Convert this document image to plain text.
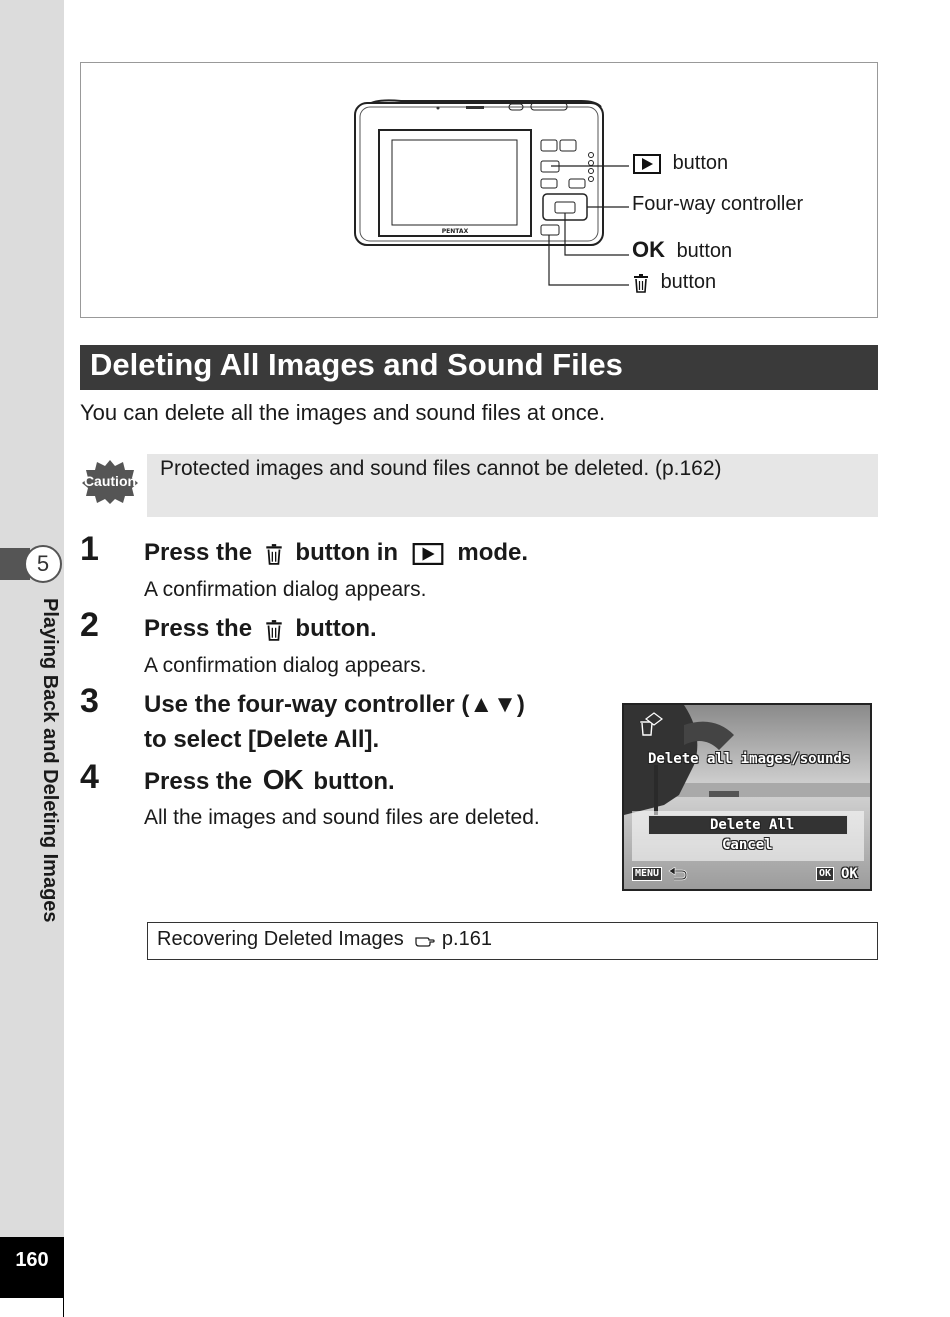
5
Playing Back and Deleting Images
160
PENTAX
button
Four-way controller
OK button
button
Deleting All Images and Sound Files
You can delete all the images and sound files at once.
Caution
Protected images and sound files cannot be deleted. (p.162)
1 Press the button in mode.
A confirmation dialog appears.
2 Press the button.
A confirmation dialog appears.
3 Use the four-way controller (▲▼)
to select [Delete All].
4 Press the OK button.
All the images and sound files are deleted.
Delete all images/sounds
Delete All
Cancel
MENU	OK OK
Recovering Deleted Images p.161
